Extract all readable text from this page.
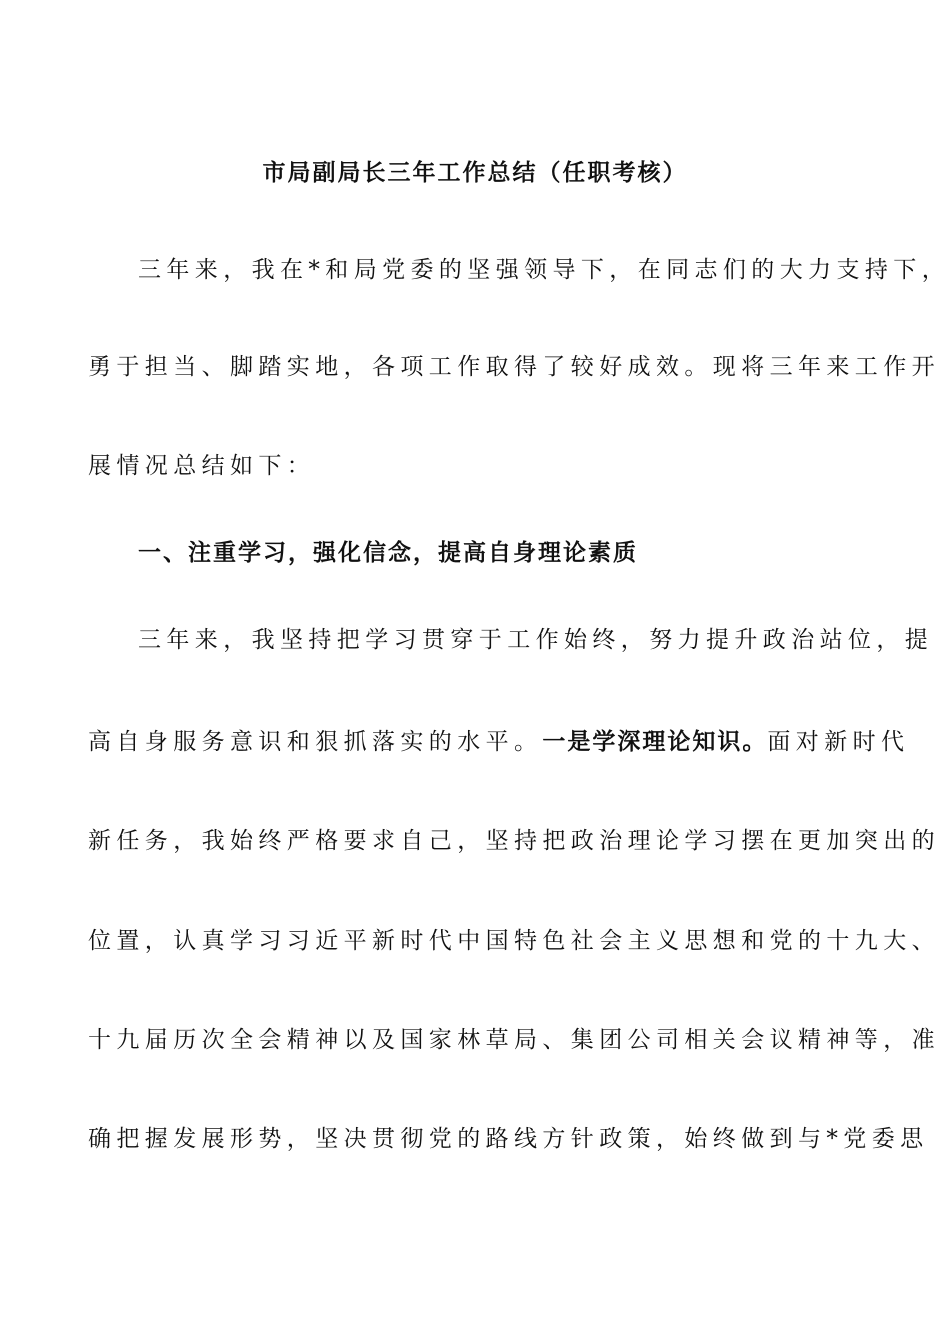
市局副局长三年工作总结（任职考核）
三年来，我在*和局党委的坚强领导下，在同志们的大力支持下，
勇于担当、脚踏实地，各项工作取得了较好成效。现将三年来工作开
展情况总结如下：
一、注重学习，强化信念，提高自身理论素质
三年来，我坚持把学习贯穿于工作始终，努力提升政治站位，提
高自身服务意识和狠抓落实的水平。一是学深理论知识。面对新时代
新任务，我始终严格要求自己，坚持把政治理论学习摆在更加突出的
位置，认真学习习近平新时代中国特色社会主义思想和党的十九大、
十九届历次全会精神以及国家林草局、集团公司相关会议精神等，准
确把握发展形势，坚决贯彻党的路线方针政策，始终做到与*党委思
